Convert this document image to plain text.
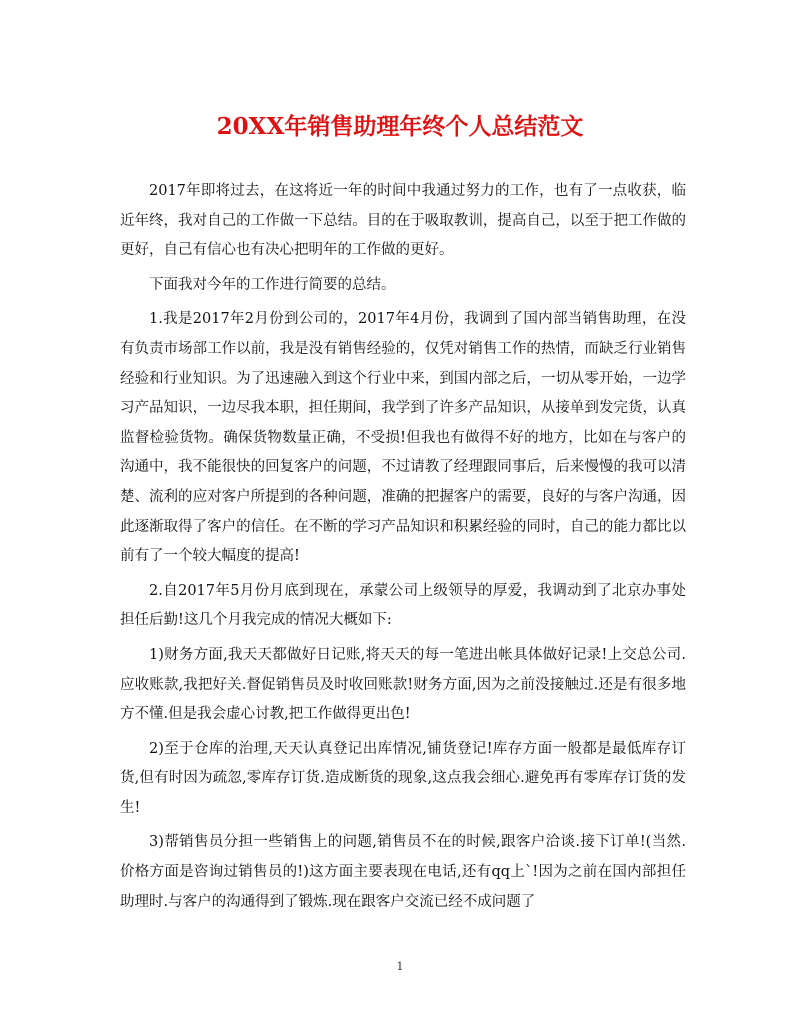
20XX年销售助理年终个人总结范文

2017年即将过去，在这将近一年的时间中我通过努力的工作，也有了一点收获，临近年终，我对自己的工作做一下总结。目的在于吸取教训，提高自己，以至于把工作做的更好，自己有信心也有决心把明年的工作做的更好。

下面我对今年的工作进行简要的总结。

1.我是2017年2月份到公司的，2017年4月份，我调到了国内部当销售助理，在没有负责市场部工作以前，我是没有销售经验的，仅凭对销售工作的热情，而缺乏行业销售经验和行业知识。为了迅速融入到这个行业中来，到国内部之后，一切从零开始，一边学习产品知识，一边尽我本职，担任期间，我学到了许多产品知识，从接单到发完货，认真监督检验货物。确保货物数量正确，不受损!但我也有做得不好的地方，比如在与客户的沟通中，我不能很快的回复客户的问题，不过请教了经理跟同事后，后来慢慢的我可以清楚、流利的应对客户所提到的各种问题，准确的把握客户的需要，良好的与客户沟通，因此逐渐取得了客户的信任。在不断的学习产品知识和积累经验的同时，自己的能力都比以前有了一个较大幅度的提高!

2.自2017年5月份月底到现在，承蒙公司上级领导的厚爱，我调动到了北京办事处担任后勤!这几个月我完成的情况大概如下:

1)财务方面,我天天都做好日记账,将天天的每一笔进出帐具体做好记录!上交总公司.应收账款,我把好关.督促销售员及时收回账款!财务方面,因为之前没接触过.还是有很多地方不懂.但是我会虚心讨教,把工作做得更出色!

2)至于仓库的治理,天天认真登记出库情况,铺货登记!库存方面一般都是最低库存订货,但有时因为疏忽,零库存订货.造成断货的现象,这点我会细心.避免再有零库存订货的发生!

3)帮销售员分担一些销售上的问题,销售员不在的时候,跟客户洽谈.接下订单!(当然.价格方面是咨询过销售员的!)这方面主要表现在电话,还有qq上`!因为之前在国内部担任助理时.与客户的沟通得到了锻炼.现在跟客户交流已经不成问题了

1
